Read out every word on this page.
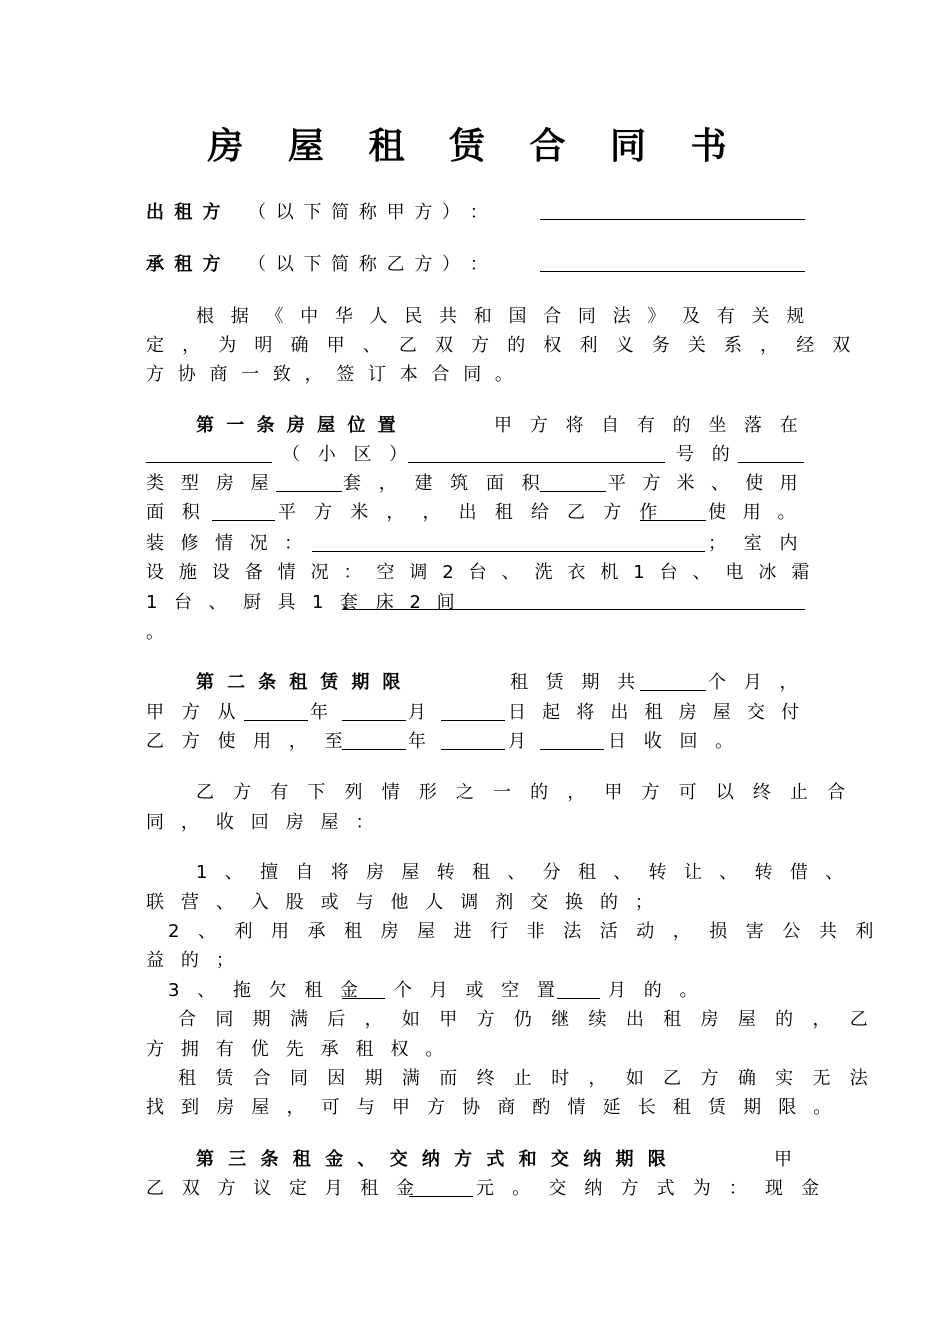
房 屋 租 赁 合 同 书
出 租 方 （ 以 下 简 称 甲 方 ） ：
承 租 方 （ 以 下 简 称 乙 方 ） ：
根 据 《 中 华 人 民 共 和 国 合 同 法 》 及 有 关 规
定 ， 为 明 确 甲 、 乙 双 方 的 权 利 义 务 关 系 ， 经 双
方 协 商 一 致 ， 签 订 本 合 同 。
第 一 条 房 屋 位 置	甲 方 将 自 有 的 坐 落 在
（ 小 区 ）	号 的
类 型 房 屋	套 ， 建 筑 面 积	平 方 米 、 使 用
面 积	平 方 米 ， ， 出 租 给 乙 方 作 使 用 。
装 修 情 况 ：	； 室 内
设 施 设 备 情 况 ： 空 调 2 台 、 洗 衣 机 1 台 、 电 冰 霜
1 台 、 厨 具 1 套
、 床 2 间
。
第 二 条 租 赁 期 限	租 赁 期 共	个 月 ，
甲 方 从	年	月	日 起 将 出 租 房 屋 交 付
乙 方 使 用 ， 至	年	月	日 收 回 。
乙 方 有 下 列 情 形 之 一 的 ， 甲 方 可 以 终 止 合
同 ， 收 回 房 屋 ：
1 、 擅 自 将 房 屋 转 租 、 分 租 、 转 让 、 转 借 、
联 营 、 入 股 或 与 他 人 调 剂 交 换 的 ；
2 、 利 用 承 租 房 屋 进 行 非 法 活 动 ， 损 害 公 共 利
益 的 ；
3 、 拖 欠 租 金 个 月 或 空 置	月 的 。
合 同 期 满 后 ， 如 甲 方 仍 继 续 出 租 房 屋 的 ， 乙
方 拥 有 优 先 承 租 权 。
租 赁 合 同 因 期 满 而 终 止 时 ， 如 乙 方 确 实 无 法
找 到 房 屋 ， 可 与 甲 方 协 商 酌 情 延 长 租 赁 期 限 。
第 三 条 租 金 、 交 纳 方 式 和 交 纳 期 限	甲
乙 双 方 议 定 月 租 金	元 。 交 纳 方 式 为 ： 现 金
